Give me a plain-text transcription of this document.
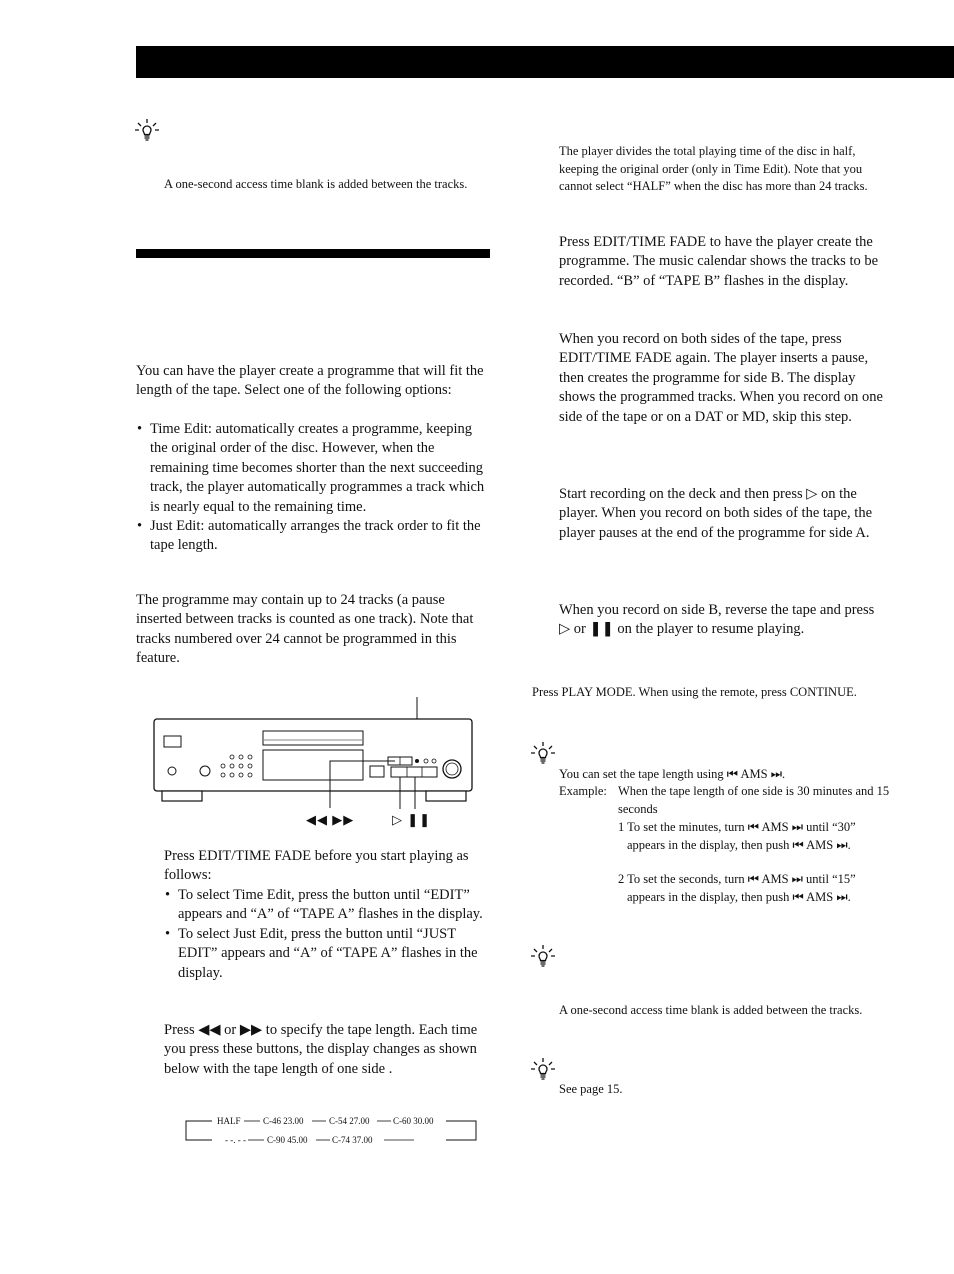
A one-second access time blank is added between the tracks.

You can have the player create a programme that will fit the length of the tape. Select one of the following options:

• Time Edit: automatically creates a programme, keeping the original order of the disc. However, when the remaining time becomes shorter than the next succeeding track, the player automatically programmes a track which is nearly equal to the remaining time.
• Just Edit: automatically arranges the track order to fit the tape length.

The programme may contain up to 24 tracks (a pause inserted between tracks is counted as one track). Note that tracks numbered over 24 cannot be programmed in this feature.

◀◀ ▶▶	▷ ❚❚

Press EDIT/TIME FADE before you start playing as follows:

• To select Time Edit, press the button until “EDIT” appears and “A” of “TAPE A” flashes in the display.
• To select Just Edit, press the button until “JUST EDIT” appears and “A” of “TAPE A” flashes in the display.

Press ◀◀ or ▶▶ to specify the tape length. Each time you press these buttons, the display changes as shown below with the tape length of one side .

HALF C-46 23.00	C-54 27.00	C-60 30.00
- -. - - C-90 45.00	C-74 37.00

The player divides the total playing time of the disc in half, keeping the original order (only in Time Edit). Note that you cannot select “HALF” when the disc has more than 24 tracks.

Press EDIT/TIME FADE to have the player create the programme. The music calendar shows the tracks to be recorded. “B” of “TAPE B” flashes in the display.

When you record on both sides of the tape, press EDIT/TIME FADE again. The player inserts a pause, then creates the programme for side B. The display shows the programmed tracks. When you record on one side of the tape or on a DAT or MD, skip this step.

Start recording on the deck and then press ▷ on the player. When you record on both sides of the tape, the player pauses at the end of the programme for side A.

When you record on side B, reverse the tape and press ▷ or ❚❚ on the player to resume playing.

Press PLAY MODE. When using the remote, press CONTINUE.

You can set the tape length using ⏮ AMS ⏭.

Example: When the tape length of one side is 30 minutes and 15 seconds

1 To set the minutes, turn ⏮ AMS ⏭ until “30” appears in the display, then push ⏮ AMS ⏭.

2 To set the seconds, turn ⏮ AMS ⏭ until “15” appears in the display, then push ⏮ AMS ⏭.

A one-second access time blank is added between the tracks.

See page 15.
